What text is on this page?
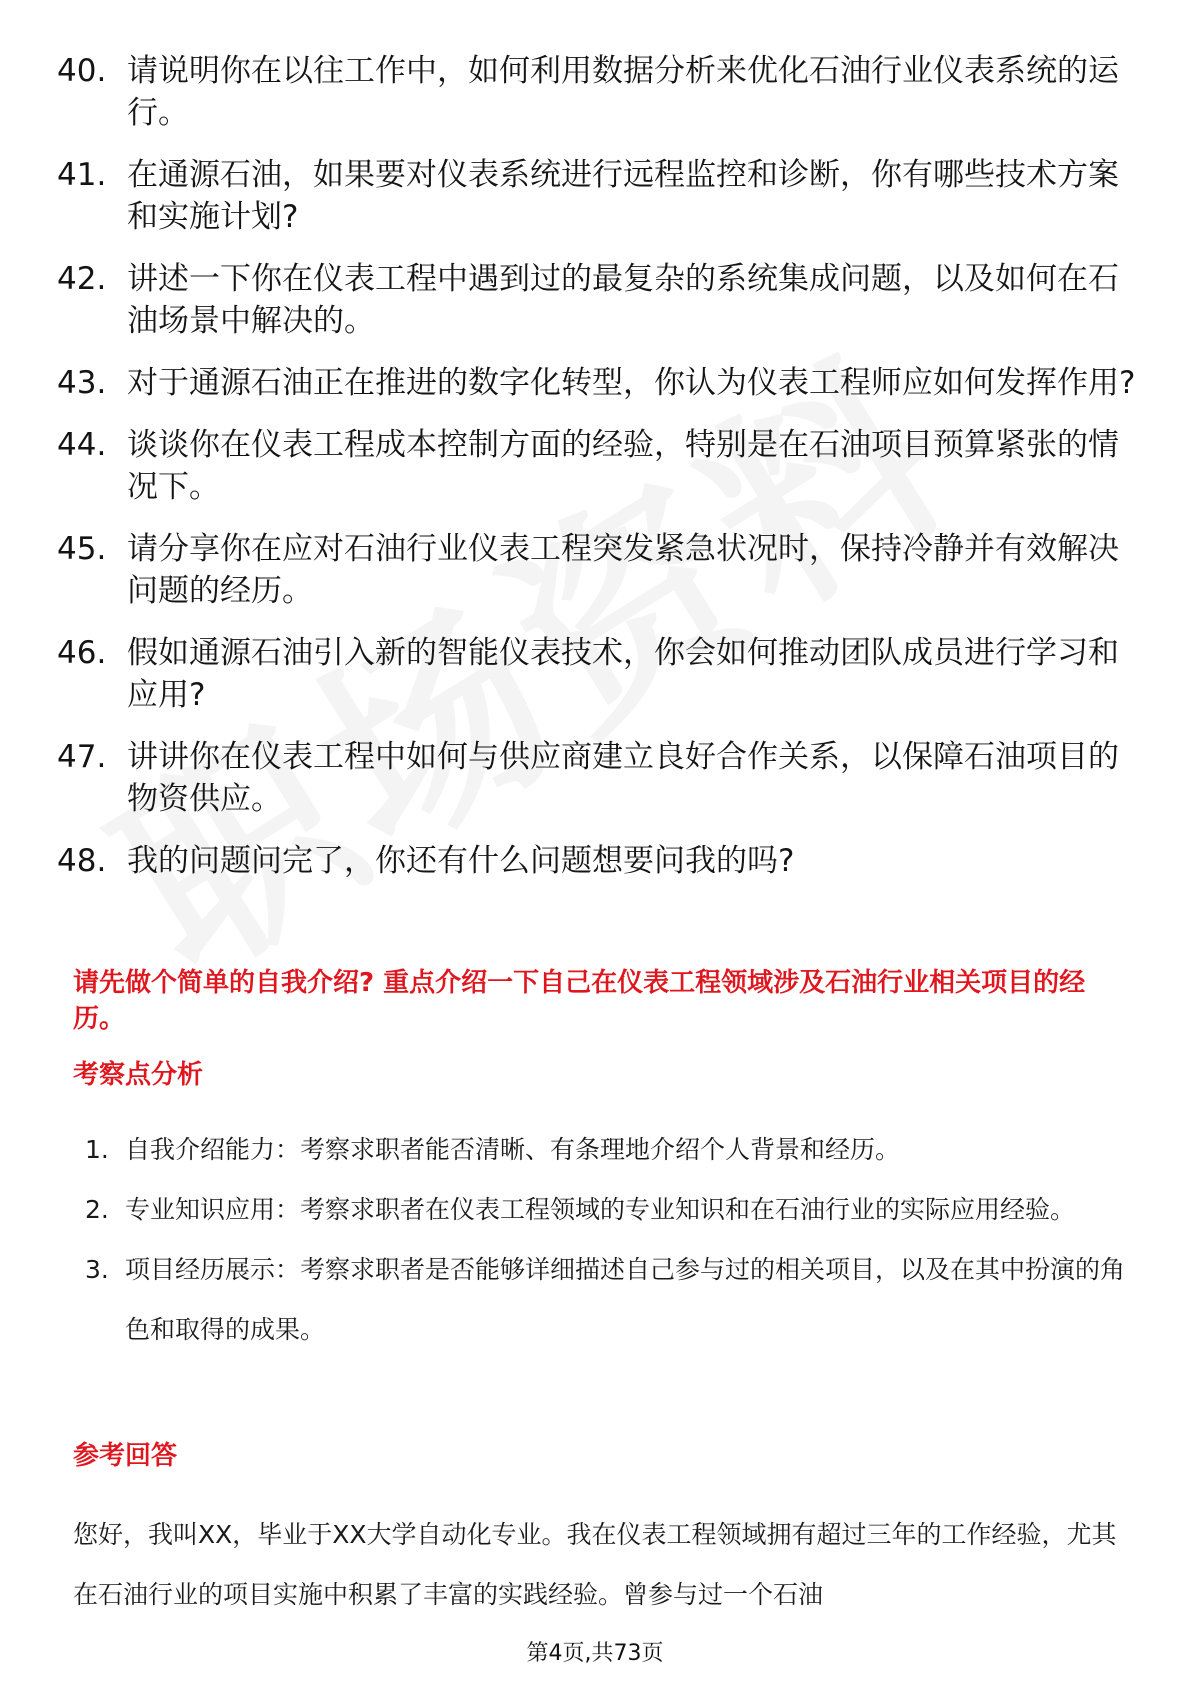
40. 请说明你在以往工作中，如何利用数据分析来优化石油行业仪表系统的运行。
41. 在通源石油，如果要对仪表系统进行远程监控和诊断，你有哪些技术方案和实施计划?
42. 讲述一下你在仪表工程中遇到过的最复杂的系统集成问题，以及如何在石油场景中解决的。
43. 对于通源石油正在推进的数字化转型，你认为仪表工程师应如何发挥作用?
44. 谈谈你在仪表工程成本控制方面的经验，特别是在石油项目预算紧张的情况下。
45. 请分享你在应对石油行业仪表工程突发紧急状况时，保持冷静并有效解决问题的经历。
46. 假如通源石油引入新的智能仪表技术，你会如何推动团队成员进行学习和应用?
47. 讲讲你在仪表工程中如何与供应商建立良好合作关系，以保障石油项目的物资供应。
48. 我的问题问完了，你还有什么问题想要问我的吗?
请先做个简单的自我介绍? 重点介绍一下自己在仪表工程领域涉及石油行业相关项目的经历。
考察点分析
1. 自我介绍能力：考察求职者能否清晰、有条理地介绍个人背景和经历。
2. 专业知识应用：考察求职者在仪表工程领域的专业知识和在石油行业的实际应用经验。
3. 项目经历展示：考察求职者是否能够详细描述自己参与过的相关项目，以及在其中扮演的角色和取得的成果。
参考回答
您好，我叫XX，毕业于XX大学自动化专业。我在仪表工程领域拥有超过三年的工作经验，尤其在石油行业的项目实施中积累了丰富的实践经验。曾参与过一个石油
第4页,共73页
